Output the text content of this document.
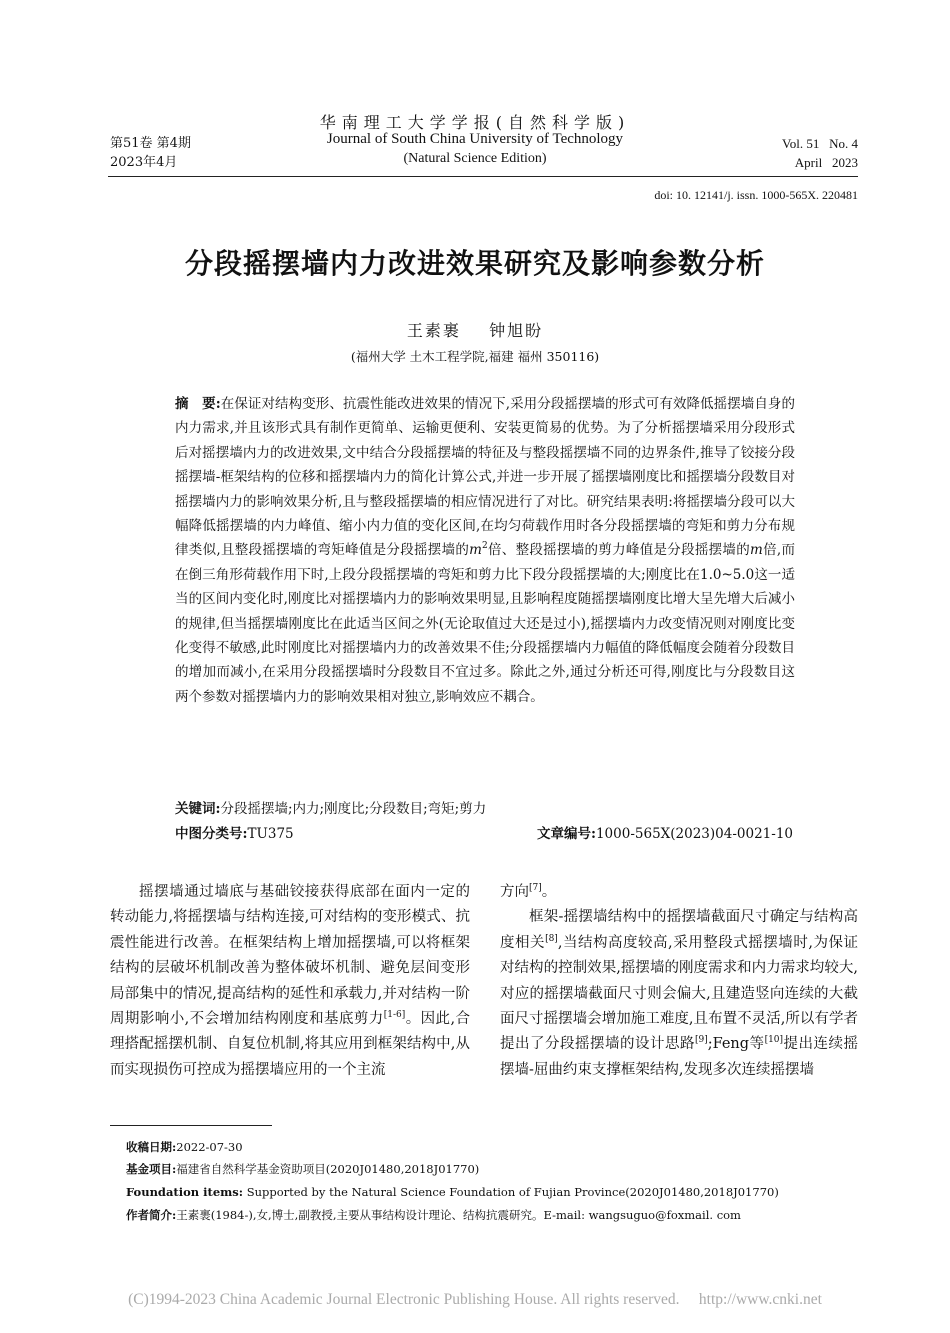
华南理工大学学报(自然科学版)
Journal of South China University of Technology
(Natural Science Edition)
第51卷 第4期
2023年4月
Vol. 51   No. 4
April   2023
doi: 10. 12141/j. issn. 1000-565X. 220481
分段摇摆墙内力改进效果研究及影响参数分析
王素裹    钟旭盼
(福州大学 土木工程学院,福建 福州 350116)
摘　要:在保证对结构变形、抗震性能改进效果的情况下,采用分段摇摆墙的形式可有效降低摇摆墙自身的内力需求,并且该形式具有制作更简单、运输更便利、安装更简易的优势。为了分析摇摆墙采用分段形式后对摇摆墙内力的改进效果,文中结合分段摇摆墙的特征及与整段摇摆墙不同的边界条件,推导了铰接分段摇摆墙-框架结构的位移和摇摆墙内力的简化计算公式,并进一步开展了摇摆墙刚度比和摇摆墙分段数目对摇摆墙内力的影响效果分析,且与整段摇摆墙的相应情况进行了对比。研究结果表明:将摇摆墙分段可以大幅降低摇摆墙的内力峰值、缩小内力值的变化区间,在均匀荷载作用时各分段摇摆墙的弯矩和剪力分布规律类似,且整段摇摆墙的弯矩峰值是分段摇摆墙的$m^2$倍、整段摇摆墙的剪力峰值是分段摇摆墙的m倍,而在倒三角形荷载作用下时,上段分段摇摆墙的弯矩和剪力比下段分段摇摆墙的大;刚度比在1.0~5.0这一适当的区间内变化时,刚度比对摇摆墙内力的影响效果明显,且影响程度随摇摆墙刚度比增大呈先增大后减小的规律,但当摇摆墙刚度比在此适当区间之外(无论取值过大还是过小),摇摆墙内力改变情况则对刚度比变化变得不敏感,此时刚度比对摇摆墙内力的改善效果不佳;分段摇摆墙内力幅值的降低幅度会随着分段数目的增加而减小,在采用分段摇摆墙时分段数目不宜过多。除此之外,通过分析还可得,刚度比与分段数目这两个参数对摇摆墙内力的影响效果相对独立,影响效应不耦合。
关键词:分段摇摆墙;内力;刚度比;分段数目;弯矩;剪力
中图分类号:TU375	文章编号:1000-565X(2023)04-0021-10

摇摆墙通过墙底与基础铰接获得底部在面内一定的转动能力,将摇摆墙与结构连接,可对结构的变形模式、抗震性能进行改善。在框架结构上增加摇摆墙,可以将框架结构的层破坏机制改善为整体破坏机制、避免层间变形局部集中的情况,提高结构的延性和承载力,并对结构一阶周期影响小,不会增加结构刚度和基底剪力[1-6]。因此,合理搭配摇摆机制、自复位机制,将其应用到框架结构中,从而实现损伤可控成为摇摆墙应用的一个主流

方向[7]。

框架-摇摆墙结构中的摇摆墙截面尺寸确定与结构高度相关[8],当结构高度较高,采用整段式摇摆墙时,为保证对结构的控制效果,摇摆墙的刚度需求和内力需求均较大,对应的摇摆墙截面尺寸则会偏大,且建造竖向连续的大截面尺寸摇摆墙会增加施工难度,且布置不灵活,所以有学者提出了分段摇摆墙的设计思路[9];Feng等[10]提出连续摇摆墙-屈曲约束支撑框架结构,发现多次连续摇摆墙

收稿日期:2022-07-30
基金项目:福建省自然科学基金资助项目(2020J01480,2018J01770)
Foundation items: Supported by the Natural Science Foundation of Fujian Province(2020J01480,2018J01770)
作者简介:王素裹(1984-),女,博士,副教授,主要从事结构设计理论、结构抗震研究。E-mail: wangsuguo@foxmail. com
(C)1994-2023 China Academic Journal Electronic Publishing House. All rights reserved.     http://www.cnki.net
